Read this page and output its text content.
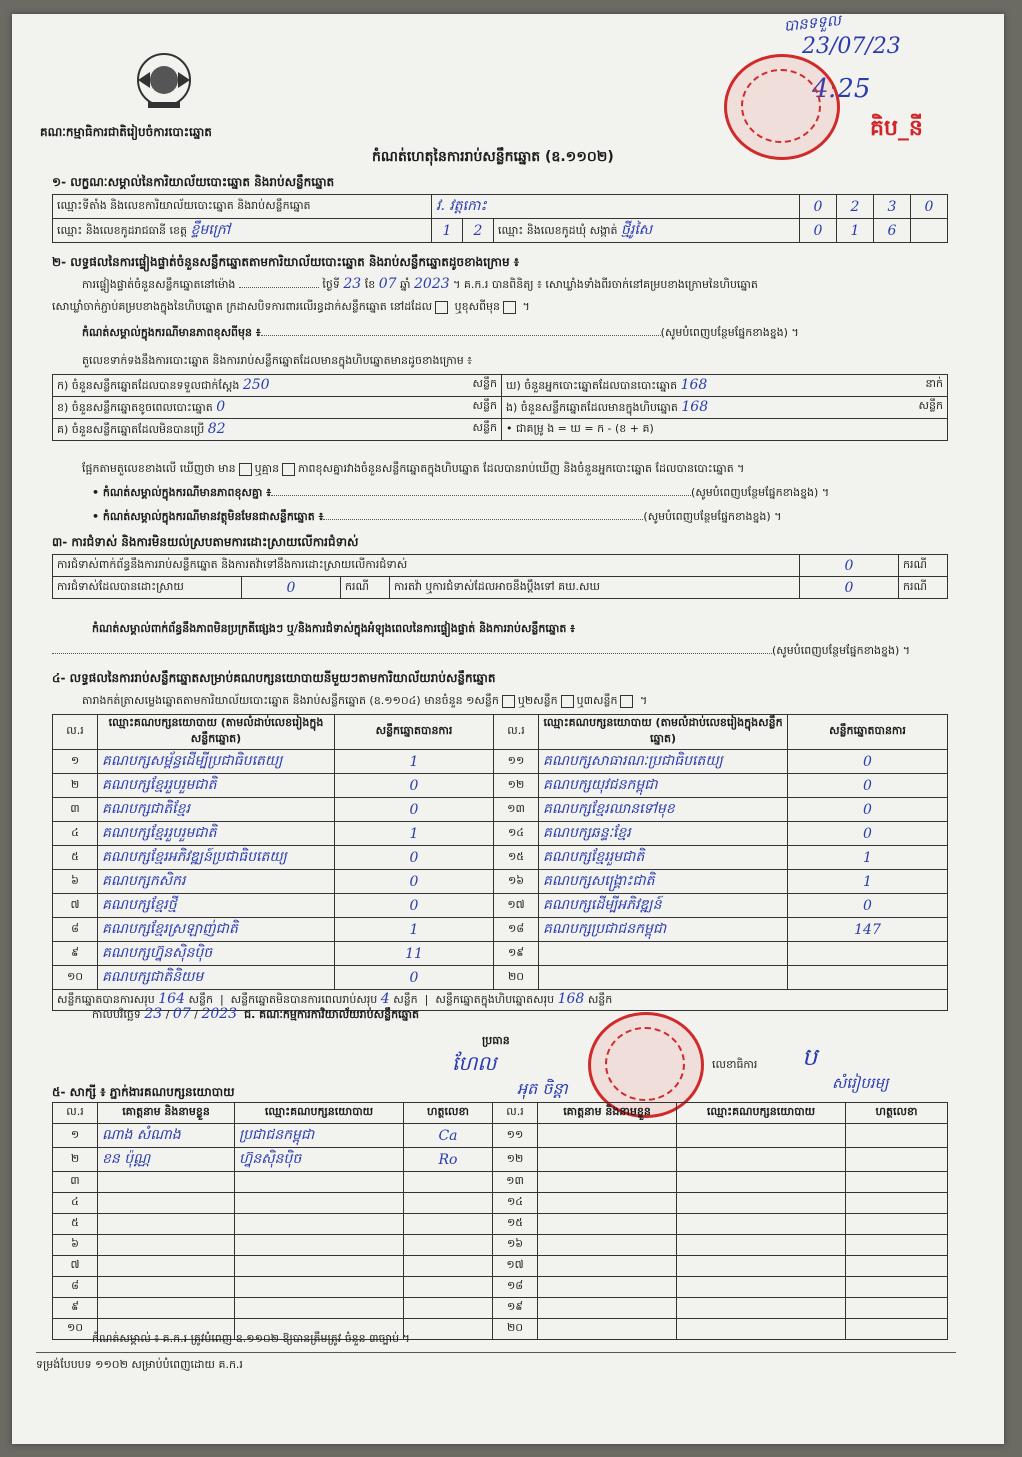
គណៈកម្មាធិការជាតិរៀបចំការបោះឆ្នោត
បានទទួល
23/07/23
4:25
គិប_នី
កំណត់ហេតុនៃការរាប់សន្លឹកឆ្នោត (ឧ.១១០២)
១- លក្ខណៈសម្គាល់នៃការិយាល័យបោះឆ្នោត និងរាប់សន្លឹកឆ្នោត
ឈ្មោះទីតាំង និងលេខការិយាល័យបោះឆ្នោត និងរាប់សន្លឹកឆ្នោត	វ. វត្តកោះ			0	2	3	0
ឈ្មោះ និងលេខកូដរាជធានី ខេត្ត ខ្ទឹមក្រៅ	1	2	ឈ្មោះ និងលេខកូដឃុំ សង្កាត់ ថ្មីរូសៃ	0	1	6	
២- លទ្ធផលនៃការផ្ទៀងផ្ទាត់ចំនួនសន្លឹកឆ្នោតតាមការិយាល័យបោះឆ្នោត និងរាប់សន្លឹកឆ្នោតដូចខាងក្រោម ៖
ការផ្ទៀងផ្ទាត់ចំនួនសន្លឹកឆ្នោតនៅម៉ោង	ថ្ងៃទី 23 ខែ 07 ឆ្នាំ 2023 ។ គ.ក.រ បានពិនិត្យ ៖ សោឃ្លាំងទាំងពីរចាក់នៅគម្របខាងក្រោមនៃហិបឆ្នោត
សោឃ្លាំចាក់ភ្ជាប់គម្របខាងក្នុងនៃហិបឆ្នោត ក្រដាសបិទការពារលើរន្ធដាក់សន្លឹកឆ្នោត នៅដដែល ឬខុសពីមុន ។
កំណត់សម្គាល់ក្នុងករណីមានភាពខុសពីមុន ៖	(សូមបំពេញបន្ថែមផ្នែកខាងខ្នង) ។
តួលេខទាក់ទងនឹងការបោះឆ្នោត និងការរាប់សន្លឹកឆ្នោតដែលមានក្នុងហិបឆ្នោតមានដូចខាងក្រោម ៖
ក) ចំនួនសន្លឹកឆ្នោតដែលបានទទួលជាក់ស្តែង 250 សន្លឹក	ឃ) ចំនួនអ្នកបោះឆ្នោតដែលបានបោះឆ្នោត 168 នាក់

ខ) ចំនួនសន្លឹកឆ្នោតខូចពេលបោះឆ្នោត 0 សន្លឹក	ង) ចំនួនសន្លឹកឆ្នោតដែលមានក្នុងហិបឆ្នោត 168 សន្លឹក

គ) ចំនួនសន្លឹកឆ្នោតដែលមិនបានប្រើ 82 សន្លឹក	• ជាគម្រូ ង = ឃ = ក - (ខ + គ)
ផ្អែកតាមតួលេខខាងលើ ឃើញថា មាន ឬគ្មាន ភាពខុសគ្នារវាងចំនួនសន្លឹកឆ្នោតក្នុងហិបឆ្នោត ដែលបានរាប់ឃើញ និងចំនួនអ្នកបោះឆ្នោត ដែលបានបោះឆ្នោត ។
• កំណត់សម្គាល់ក្នុងករណីមានភាពខុសគ្នា ៖	(សូមបំពេញបន្ថែមផ្នែកខាងខ្នង) ។
• កំណត់សម្គាល់ក្នុងករណីមានវត្ថុមិនមែនជាសន្លឹកឆ្នោត ៖	(សូមបំពេញបន្ថែមផ្នែកខាងខ្នង) ។
៣- ការជំទាស់ និងការមិនយល់ស្របតាមការដោះស្រាយលើការជំទាស់
ការជំទាស់ពាក់ព័ន្ធនឹងការរាប់សន្លឹកឆ្នោត និងការតវ៉ាទៅនឹងការដោះស្រាយលើការជំទាស់				0	ករណី
ការជំទាស់ដែលបានដោះស្រាយ	0	ករណី	ការតវ៉ា ឬការជំទាស់ដែលអាចនឹងប្តឹងទៅ គឃ.សឃ	0	ករណី
កំណត់សម្គាល់ពាក់ព័ន្ធនឹងភាពមិនប្រក្រតីផ្សេងៗ ឬ/និងការជំទាស់ក្នុងអំឡុងពេលនៃការផ្ទៀងផ្ទាត់ និងការរាប់សន្លឹកឆ្នោត ៖
(សូមបំពេញបន្ថែមផ្នែកខាងខ្នង) ។
៤- លទ្ធផលនៃការរាប់សន្លឹកឆ្នោតសម្រាប់គណបក្សនយោបាយនីមួយៗតាមការិយាល័យរាប់សន្លឹកឆ្នោត
តារាងកត់ត្រាសម្លេងឆ្នោតតាមការិយាល័យបោះឆ្នោត និងរាប់សន្លឹកឆ្នោត (ឧ.១១០៤) មានចំនួន ១សន្លឹក ឬ២សន្លឹក ឬ៣សន្លឹក ។
ល.រ	ឈ្មោះគណបក្សនយោបាយ (តាមលំដាប់លេខរៀងក្នុងសន្លឹកឆ្នោត)	សន្លឹកឆ្នោតបានការ	ល.រ	ឈ្មោះគណបក្សនយោបាយ (តាមលំដាប់លេខរៀងក្នុងសន្លឹកឆ្នោត)	សន្លឹកឆ្នោតបានការ
១	គណបក្សសម្ព័ន្ធដើម្បីប្រជាធិបតេយ្យ	1	១១	គណបក្សសាធារណៈប្រជាធិបតេយ្យ	0
២	គណបក្សខ្មែររួបរួមជាតិ	0	១២	គណបក្សយុវជនកម្ពុជា	0
៣	គណបក្សជាតិខ្មែរ	0	១៣	គណបក្សខ្មែរឈានទៅមុខ	0
៤	គណបក្សខ្មែររួបរួមជាតិ	1	១៤	គណបក្សឆន្ទៈខ្មែរ	0
៥	គណបក្សខ្មែរអភិវឌ្ឍន៍ប្រជាធិបតេយ្យ	0	១៥	គណបក្សខ្មែររួមជាតិ	1
៦	គណបក្សកសិករ	0	១៦	គណបក្សសង្គ្រោះជាតិ	1
៧	គណបក្សខ្មែរថ្មី	0	១៧	គណបក្សដើម្បីអភិវឌ្ឍន៍	0
៨	គណបក្សខ្មែរស្រឡាញ់ជាតិ	1	១៨	គណបក្សប្រជាជនកម្ពុជា	147
៩	គណបក្សហ្វ៊ុនស៊ិនប៉ិច	11	១៩		
១០	គណបក្សជាតិនិយម	0	២០		
សន្លឹកឆ្នោតបានការសរុប 164 សន្លឹក  |  សន្លឹកឆ្នោតមិនបានការពេលរាប់សរុប 4 សន្លឹក  |  សន្លឹកឆ្នោតក្នុងហិបឆ្នោតសរុប 168 សន្លឹក					
កាលបរិច្ឆេទ 23 / 07 / 2023 ជ. គណៈកម្មការការិយាល័យរាប់សន្លឹកឆ្នោត
ប្រធាន
ហែល
អុត ចិន្តា
លេខាធិការ ប
សំរៀបរម្យ
៥- សាក្សី ៖ ភ្នាក់ងារគណបក្សនយោបាយ
ល.រ	គោត្តនាម និងនាមខ្លួន	ឈ្មោះគណបក្សនយោបាយ	ហត្ថលេខា	ល.រ	គោត្តនាម និងនាមខ្លួន	ឈ្មោះគណបក្សនយោបាយ	ហត្ថលេខា
១	ណាង សំណាង	ប្រជាជនកម្ពុជា	Ca	១១			
២	ខន ប៉ុណ្ណ	ហ្វ៊ុនស៊ិនប៉ិច	Ro	១២			
៣				១៣			
៤				១៤			
៥				១៥			
៦				១៦			
៧				១៧			
៨				១៨			
៩				១៩			
១០				២០			
កំណត់សម្គាល់ ៖ គ.ក.រ ត្រូវបំពេញ ឧ.១១០២ ឱ្យបានត្រឹមត្រូវ ចំនួន ៣ច្បាប់ ។
ទម្រង់បែបបទ ១១០២ សម្រាប់បំពេញដោយ គ.ក.រ
